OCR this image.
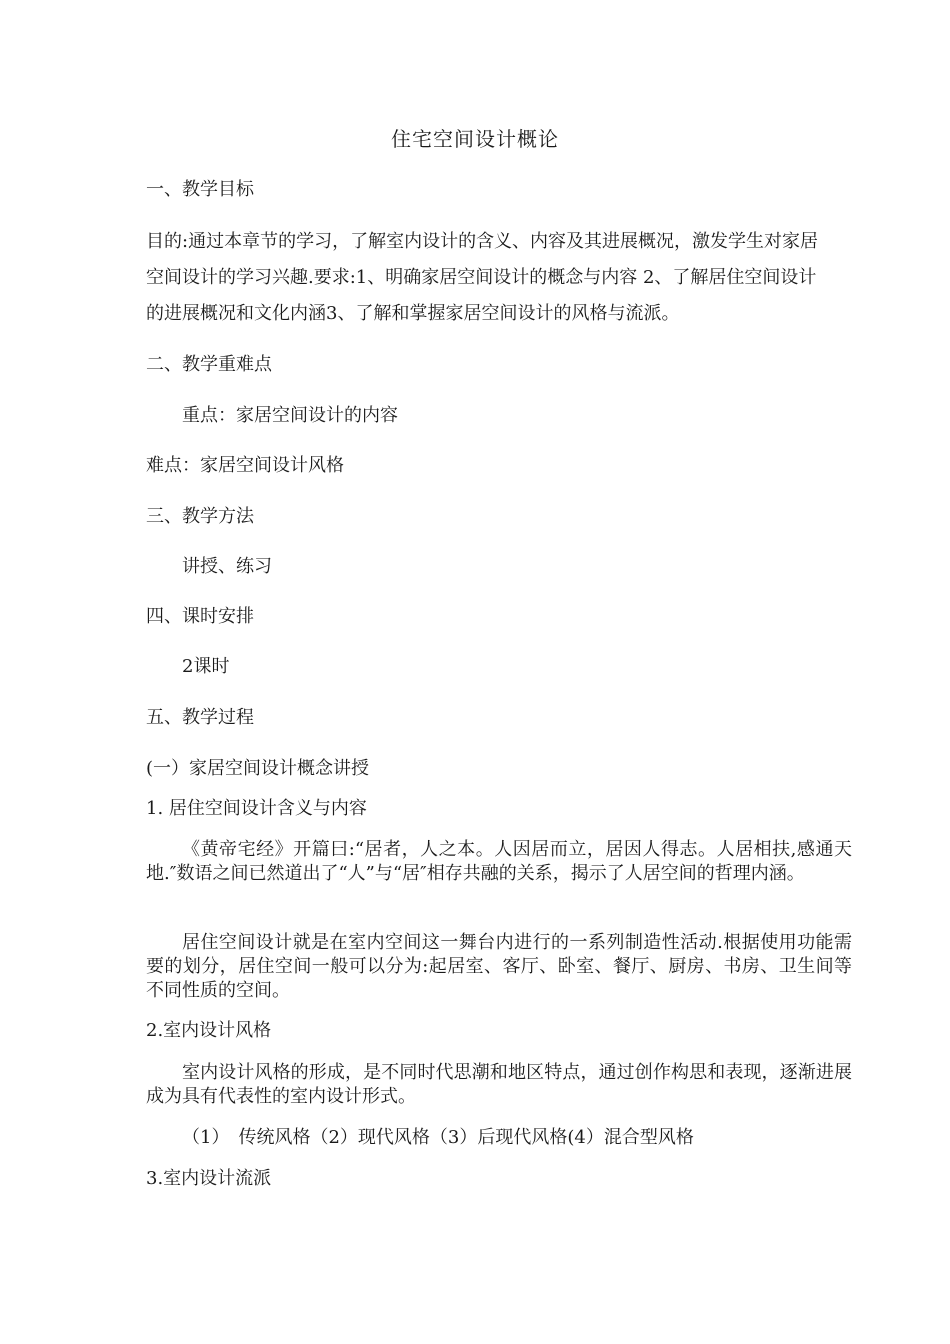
住宅空间设计概论
一、教学目标
目的:通过本章节的学习，了解室内设计的含义、内容及其进展概况，激发学生对家居
空间设计的学习兴趣.要求:1、明确家居空间设计的概念与内容 2、了解居住空间设计
的进展概况和文化内涵3、了解和掌握家居空间设计的风格与流派。
二、教学重难点
重点：家居空间设计的内容
难点：家居空间设计风格
三、教学方法
讲授、练习
四、课时安排
2课时
五、教学过程
(一）家居空间设计概念讲授
1. 居住空间设计含义与内容
《黄帝宅经》开篇曰:“居者，人之本。人因居而立，居因人得志。人居相扶,感通天地.″数语之间已然道出了“人”与“居″相存共融的关系，揭示了人居空间的哲理内涵。
居住空间设计就是在室内空间这一舞台内进行的一系列制造性活动.根据使用功能需要的划分，居住空间一般可以分为:起居室、客厅、卧室、餐厅、厨房、书房、卫生间等不同性质的空间。
2.室内设计风格
室内设计风格的形成，是不同时代思潮和地区特点，通过创作构思和表现，逐渐进展成为具有代表性的室内设计形式。
（1）　传统风格（2）现代风格（3）后现代风格(4）混合型风格
3.室内设计流派
